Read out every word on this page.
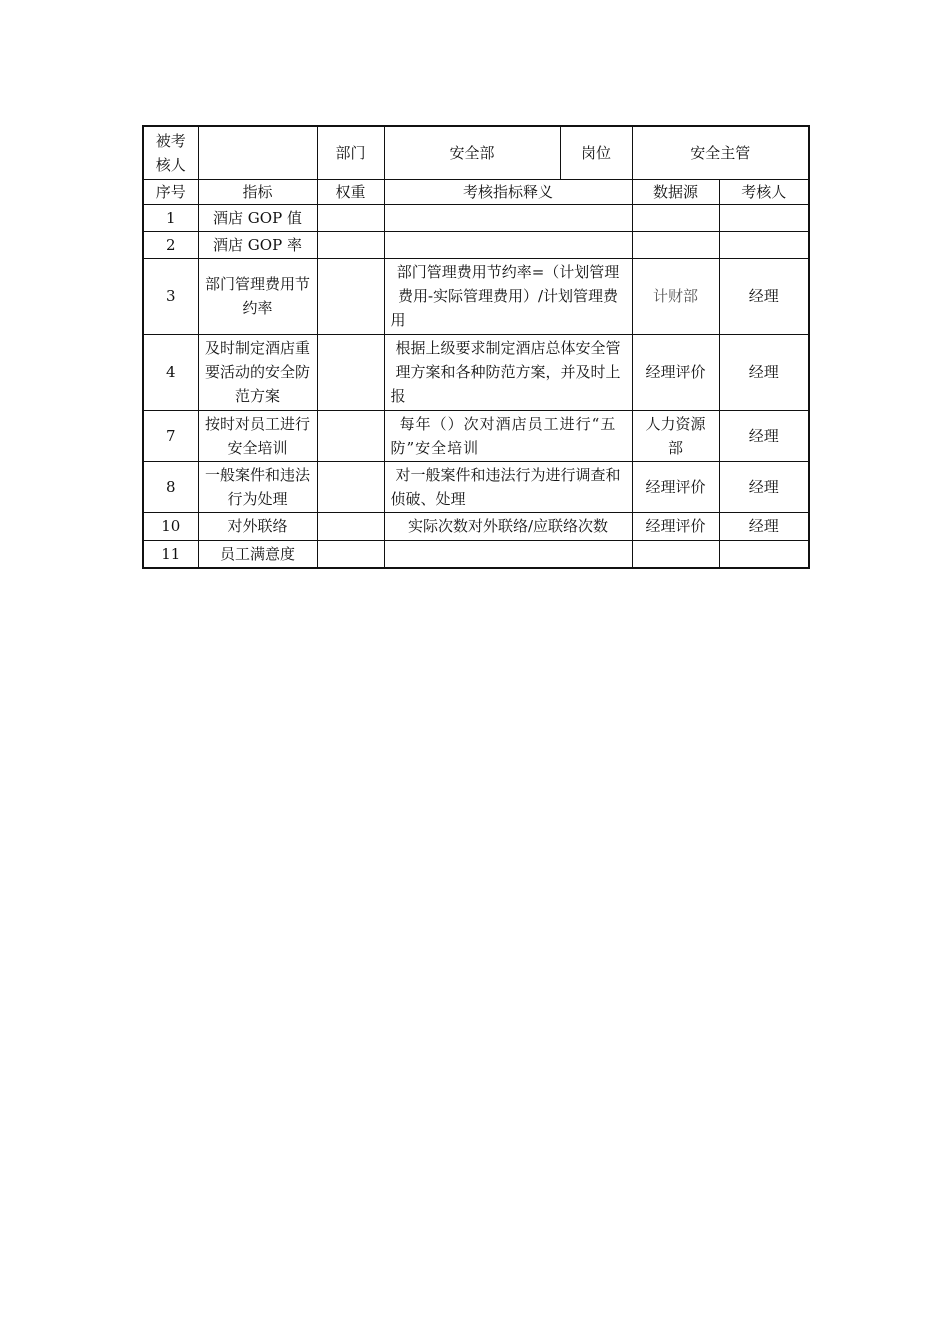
被考核人		部门	安全部	岗位	安全主管	
序号	指标	权重	考核指标释义		数据源	考核人
1	酒店 GOP 值					
2	酒店 GOP 率					
3	部门管理费用节约率		部门管理费用节约率=（计划管理费用-实际管理费用）/计划管理费用		计财部	经理
4	及时制定酒店重要活动的安全防范方案		根据上级要求制定酒店总体安全管理方案和各种防范方案，并及时上报		经理评价	经理
7	按时对员工进行安全培训		每年（）次对酒店员工进行“五防”安全培训		人力资源部	经理
8	一般案件和违法行为处理		对一般案件和违法行为进行调查和侦破、处理		经理评价	经理
10	对外联络		实际次数对外联络/应联络次数		经理评价	经理
11	员工满意度					
